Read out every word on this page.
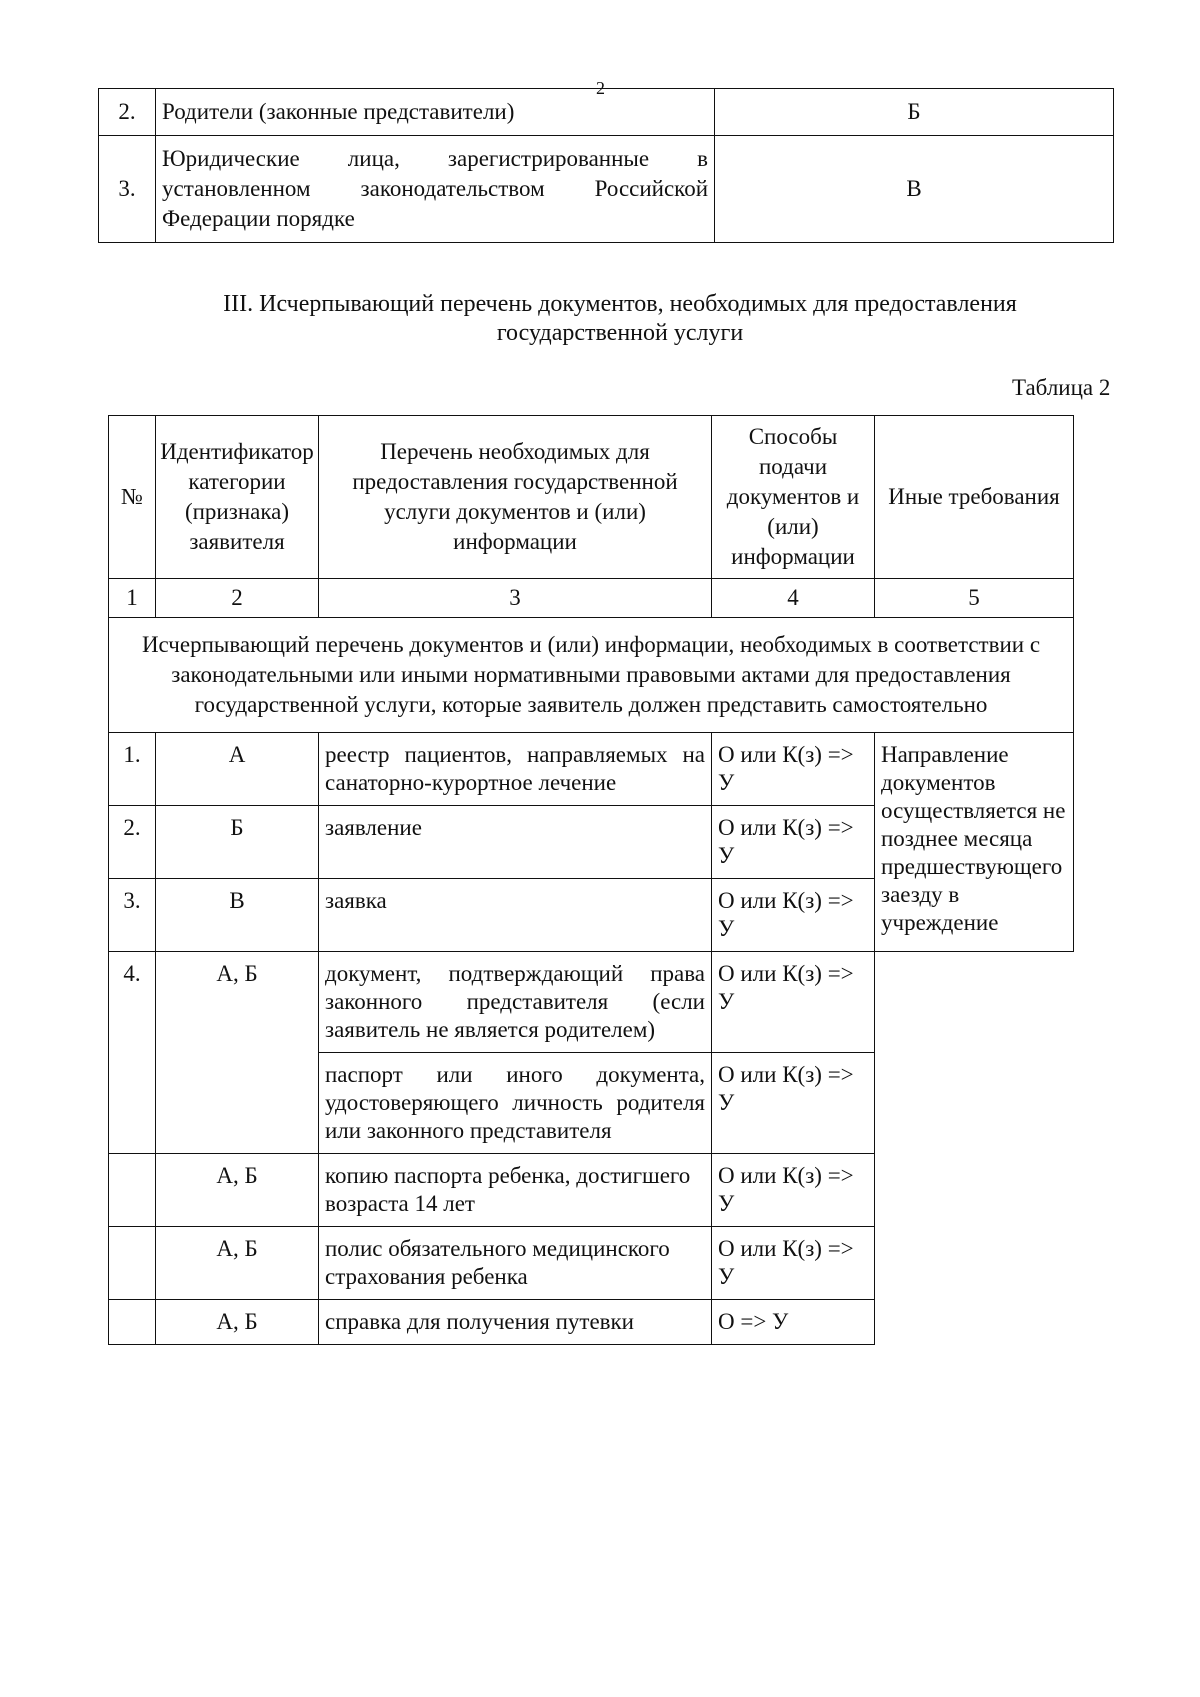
2
2.	Родители (законные представители)	Б
3.	Юридические лица, зарегистрированные в установленном законодательством Российской Федерации порядке	В
III. Исчерпывающий перечень документов, необходимых для предоставления
государственной услуги
Таблица 2
№	Идентификатор категории (признака) заявителя	Перечень необходимых для предоставления государственной услуги документов и (или) информации	Способы подачи документов и (или) информации	Иные требования
1	2	3	4	5
Исчерпывающий перечень документов и (или) информации, необходимых в соответствии с законодательными или иными нормативными правовыми актами для предоставления государственной услуги, которые заявитель должен представить самостоятельно				
1.	А	реестр пациентов, направляемых на санаторно-курортное лечение	О или К(з) => У	Направление документов осуществляется не позднее месяца предшествующего заезду в учреждение
2.	Б	заявление	О или К(з) => У	
3.	В	заявка	О или К(з) => У	
4.	А, Б	документ, подтверждающий права законного представителя (если заявитель не является родителем)	О или К(з) => У	
		паспорт или иного документа, удостоверяющего личность родителя или законного представителя	О или К(з) => У	
	А, Б	копию паспорта ребенка, достигшего возраста 14 лет	О или К(з) => У	
	А, Б	полис обязательного медицинского страхования ребенка	О или К(з) => У	
	А, Б	справка для получения путевки	О => У	
